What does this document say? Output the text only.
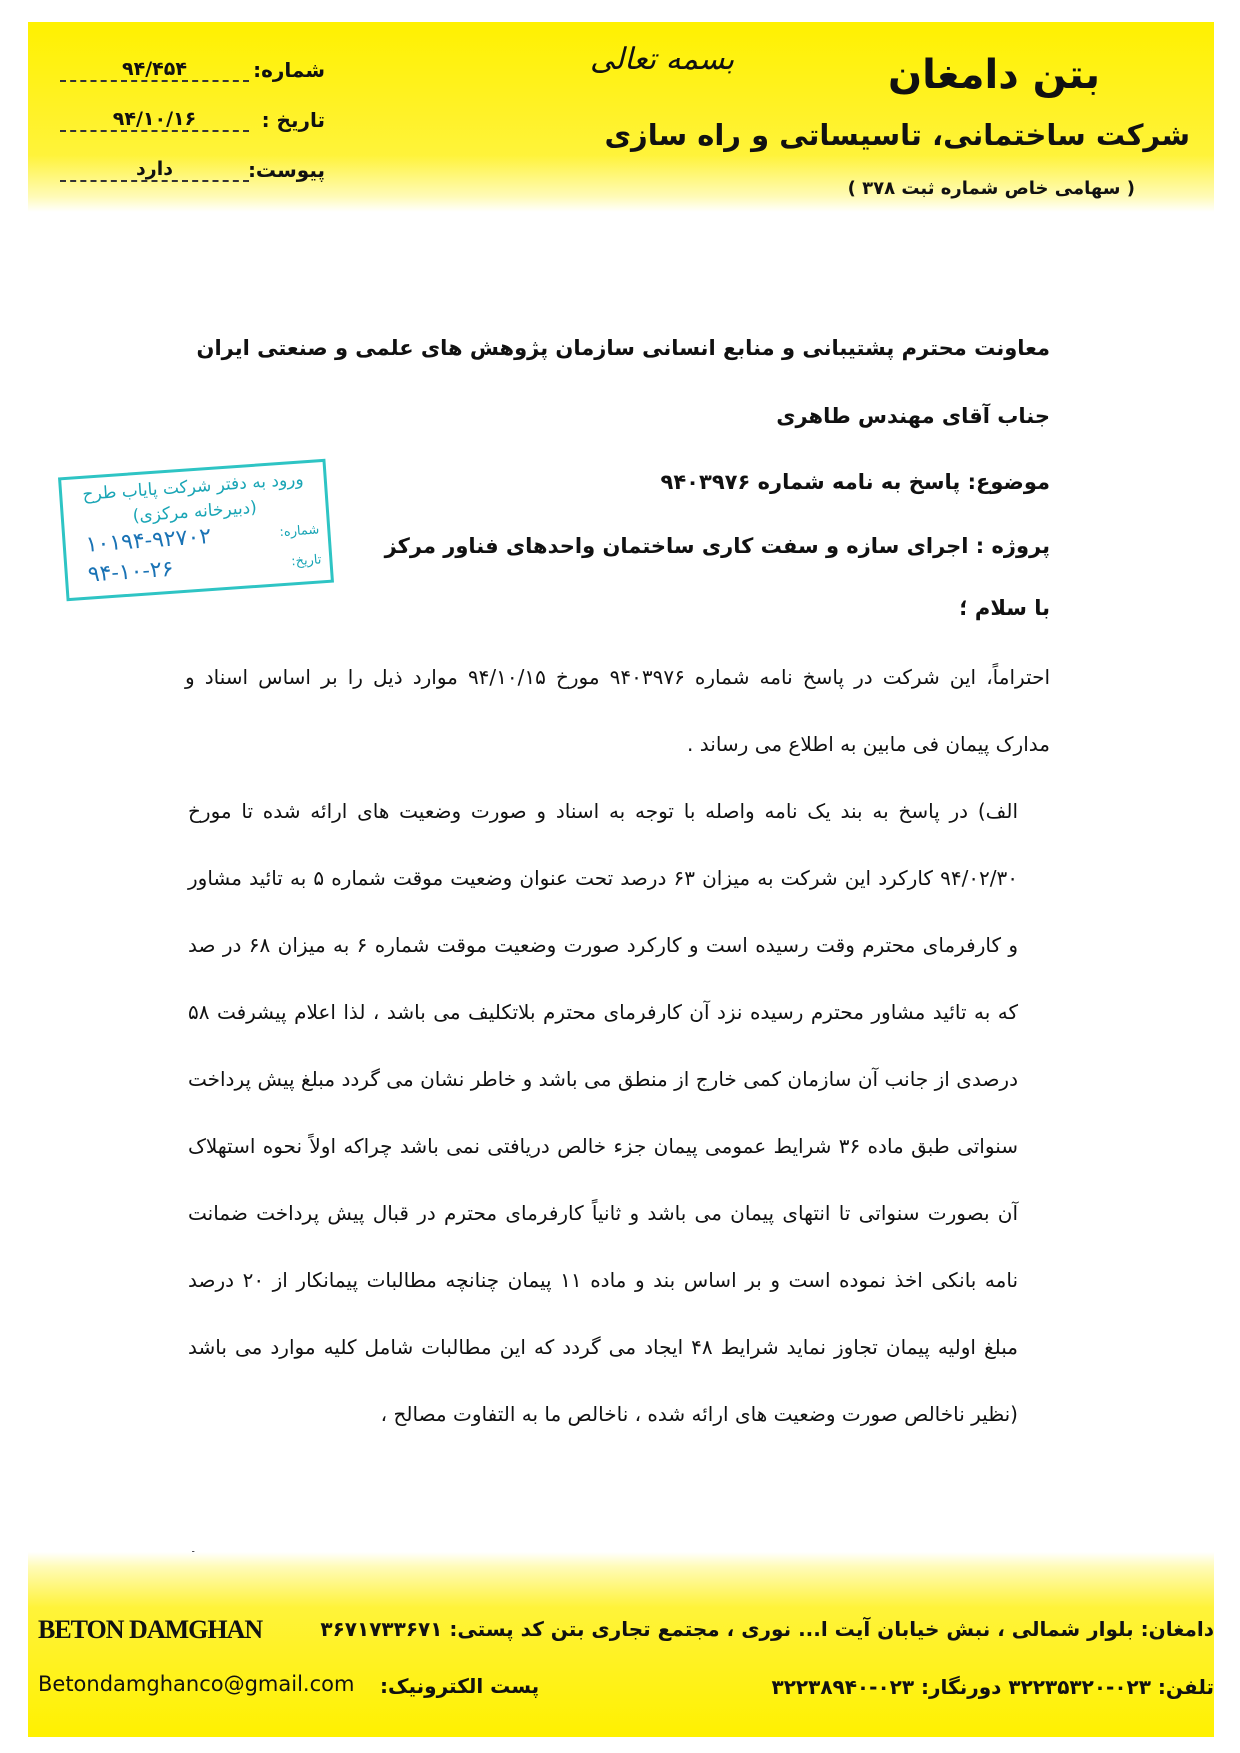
بسمه تعالی	بتن دامغان
شرکت ساختمانی، تاسیساتی و راه سازی
( سهامی خاص شماره ثبت ۳۷۸ )
شماره:
۹۴/۴۵۴
تاریخ :
۹۴/۱۰/۱۶
پیوست:
دارد
معاونت محترم پشتیبانی و منابع انسانی سازمان پژوهش های علمی و صنعتی ایران
جناب آقای مهندس طاهری
موضوع: پاسخ به نامه شماره ۹۴۰۳۹۷۶
پروژه : اجرای سازه و سفت کاری ساختمان واحدهای فناور مرکز
با سلام ؛
احتراماً، این شرکت در پاسخ نامه شماره ۹۴۰۳۹۷۶ مورخ ۹۴/۱۰/۱۵ موارد ذیل را بر اساس اسناد و مدارک پیمان فی مابین به اطلاع می رساند .
الف) در پاسخ به بند یک نامه واصله با توجه به اسناد و صورت وضعیت های ارائه شده تا مورخ ۹۴/۰۲/۳۰ کارکرد این شرکت به میزان ۶۳ درصد تحت عنوان وضعیت موقت شماره ۵ به تائید مشاور و کارفرمای محترم وقت رسیده است و کارکرد صورت وضعیت موقت شماره ۶ به میزان ۶۸ در صد که به تائید مشاور محترم رسیده نزد آن کارفرمای محترم بلاتکلیف می باشد ، لذا اعلام پیشرفت ۵۸ درصدی از جانب آن سازمان کمی خارج از منطق می باشد و خاطر نشان می گردد مبلغ پیش پرداخت سنواتی طبق ماده ۳۶ شرایط عمومی پیمان جزء خالص دریافتی نمی باشد چراکه اولاً نحوه استهلاک آن بصورت سنواتی تا انتهای پیمان می باشد و ثانیاً کارفرمای محترم در قبال پیش پرداخت ضمانت نامه بانکی اخذ نموده است و بر اساس بند و ماده ۱۱ پیمان چنانچه مطالبات پیمانکار از ۲۰ درصد مبلغ اولیه پیمان تجاوز نماید شرایط ۴۸ ایجاد می گردد که این مطالبات شامل کلیه موارد می باشد (نظیر ناخالص صورت وضعیت های ارائه شده ، ناخالص ما به التفاوت مصالح ،
ورود به دفتر شرکت پایاب طرح
(دبیرخانه مرکزی)
شماره:
۱۰۱۹۴-۹۲۷۰۲
تاریخ:
۹۴-۱۰-۲۶
BETON DAMGHAN
Betondamghanco@gmail.com پست الکترونیک:
دامغان: بلوار شمالی ، نبش خیابان آیت ا... نوری ، مجتمع تجاری بتن کد پستی: ۳۶۷۱۷۳۳۶۷۱
تلفن: ۰۲۳-۳۲۲۳۵۳۲۰ دورنگار: ۰۲۳-۳۲۲۳۸۹۴۰
